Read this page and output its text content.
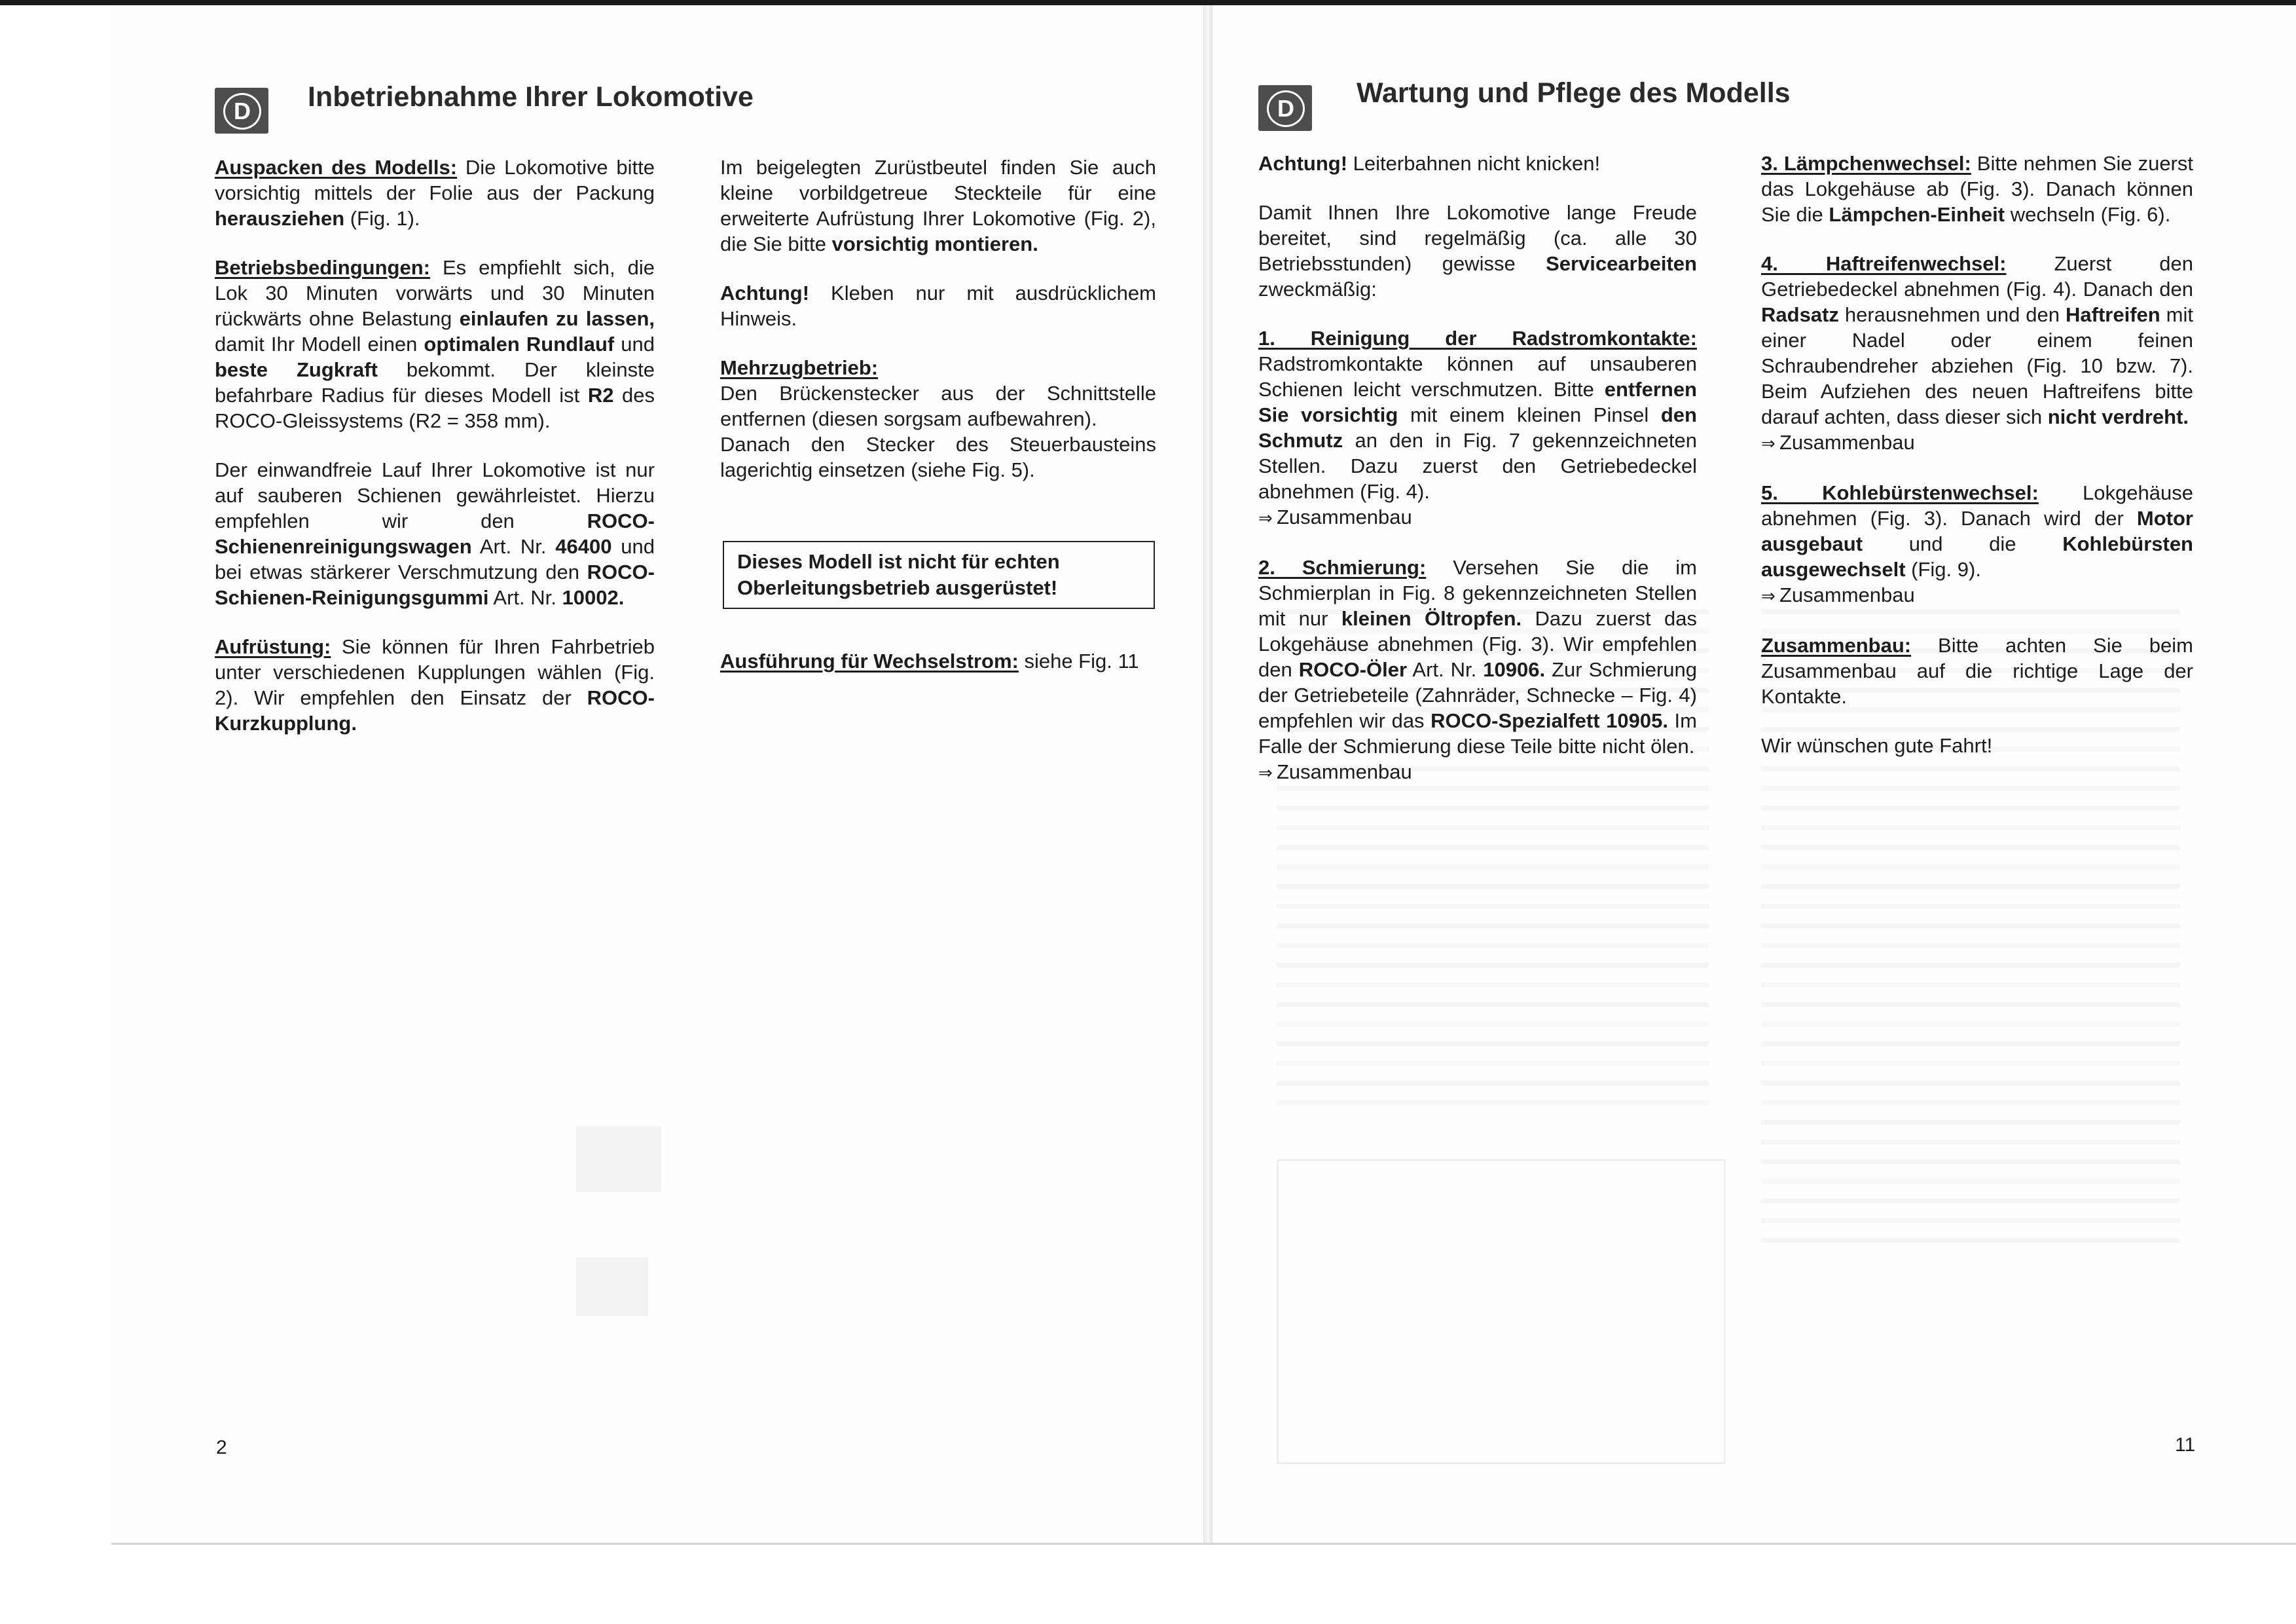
D	Inbetriebnahme Ihrer Lokomotive

Auspacken des Modells: Die Lokomotive bitte vorsichtig mittels der Folie aus der Packung herausziehen (Fig. 1).

Betriebsbedingungen: Es empfiehlt sich, die Lok 30 Minuten vorwärts und 30 Minuten rückwärts ohne Belastung einlaufen zu lassen, damit Ihr Modell einen optimalen Rundlauf und beste Zugkraft bekommt. Der kleinste befahrbare Radius für dieses Modell ist R2 des ROCO-Gleissystems (R2 = 358 mm).

Der einwandfreie Lauf Ihrer Lokomotive ist nur auf sauberen Schienen gewährleistet. Hierzu empfehlen wir den ROCO-Schienenreinigungswagen Art. Nr. 46400 und bei etwas stärkerer Verschmutzung den ROCO-Schienen-Reinigungsgummi Art. Nr. 10002.

Aufrüstung: Sie können für Ihren Fahrbetrieb unter verschiedenen Kupplungen wählen (Fig. 2). Wir empfehlen den Einsatz der ROCO-Kurzkupplung.

Im beigelegten Zurüstbeutel finden Sie auch kleine vorbildgetreue Steckteile für eine erweiterte Aufrüstung Ihrer Lokomotive (Fig. 2), die Sie bitte vorsichtig montieren.

Achtung! Kleben nur mit ausdrücklichem Hinweis.

Mehrzugbetrieb:

Den Brückenstecker aus der Schnittstelle entfernen (diesen sorgsam aufbewahren).

Danach den Stecker des Steuerbausteins lagerichtig einsetzen (siehe Fig. 5).

Dieses Modell ist nicht für echten Oberleitungsbetrieb ausgerüstet!

Ausführung für Wechselstrom: siehe Fig. 11

2
D	Wartung und Pflege des Modells

Achtung! Leiterbahnen nicht knicken!

Damit Ihnen Ihre Lokomotive lange Freude bereitet, sind regelmäßig (ca. alle 30 Betriebsstunden) gewisse Servicearbeiten zweckmäßig:

1. Reinigung der Radstromkontakte: Radstromkontakte können auf unsauberen Schienen leicht verschmutzen. Bitte entfernen Sie vorsichtig mit einem kleinen Pinsel den Schmutz an den in Fig. 7 gekennzeichneten Stellen. Dazu zuerst den Getriebedeckel abnehmen (Fig. 4).

⇒ Zusammenbau

2. Schmierung: Versehen Sie die im Schmierplan in Fig. 8 gekennzeichneten Stellen mit nur kleinen Öltropfen. Dazu zuerst das Lokgehäuse abnehmen (Fig. 3). Wir empfehlen den ROCO-Öler Art. Nr. 10906. Zur Schmierung der Getriebeteile (Zahnräder, Schnecke – Fig. 4) empfehlen wir das ROCO-Spezialfett 10905. Im Falle der Schmierung diese Teile bitte nicht ölen.

⇒ Zusammenbau

3. Lämpchenwechsel: Bitte nehmen Sie zuerst das Lokgehäuse ab (Fig. 3). Danach können Sie die Lämpchen-Einheit wechseln (Fig. 6).

4. Haftreifenwechsel: Zuerst den Getriebedeckel abnehmen (Fig. 4). Danach den Radsatz herausnehmen und den Haftreifen mit einer Nadel oder einem feinen Schraubendreher abziehen (Fig. 10 bzw. 7). Beim Aufziehen des neuen Haftreifens bitte darauf achten, dass dieser sich nicht verdreht.

⇒ Zusammenbau

5. Kohlebürstenwechsel: Lokgehäuse abnehmen (Fig. 3). Danach wird der Motor ausgebaut und die Kohlebürsten ausgewechselt (Fig. 9).

⇒ Zusammenbau

Zusammenbau: Bitte achten Sie beim Zusammenbau auf die richtige Lage der Kontakte.

Wir wünschen gute Fahrt!

11
